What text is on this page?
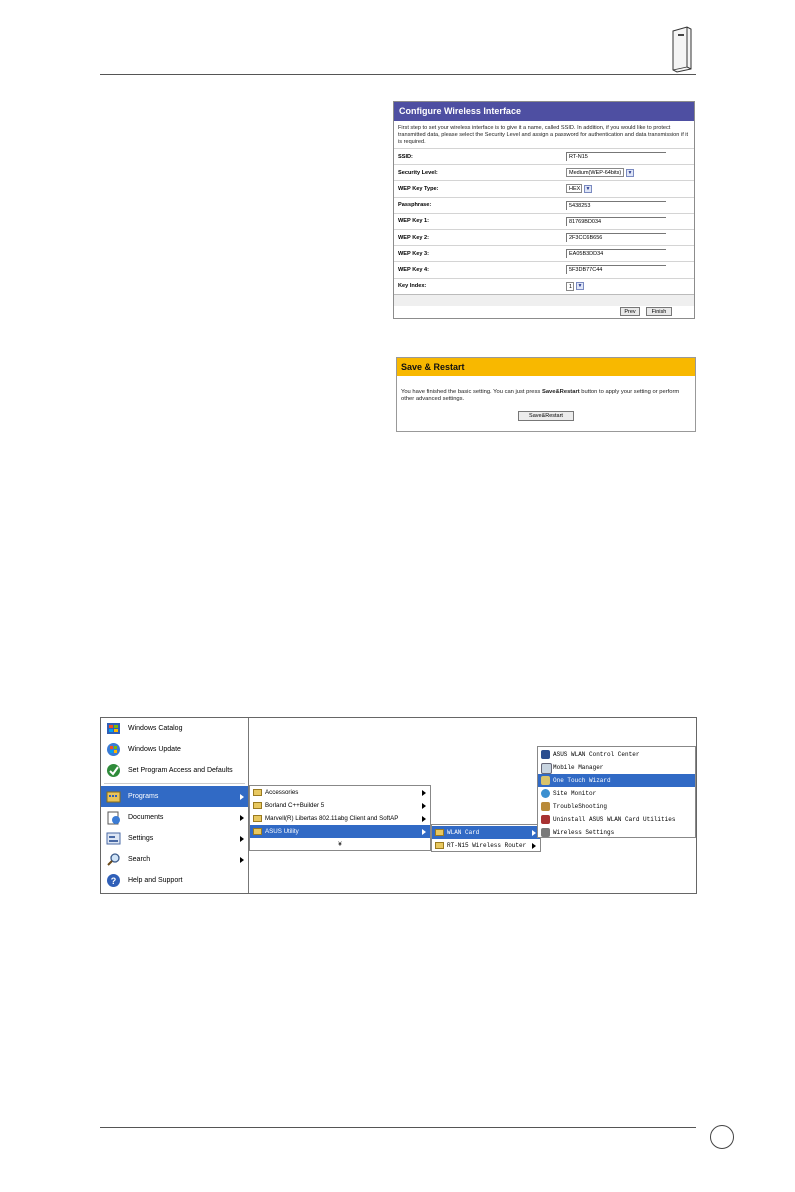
Configure Wireless Interface
First step to set your wireless interface is to give it a name, called SSID. In addition, if you would like to protect transmitted data, please select the Security Level and assign a password for authentication and data transmission if it is required.
SSID:	RT-N15
Security Level:	Medium(WEP-64bits) ▼
WEP Key Type:	HEX ▼
Passphrase:	5438253
WEP Key 1:	81769BD034
WEP Key 2:	2F3CC6B656
WEP Key 3:	EA05B3DD34
WEP Key 4:	5F3DB77C44
Key Index:	1 ▼
Prev	Finish
Save & Restart
You have finished the basic setting. You can just press Save&Restart button to apply your setting or perform other advanced settings.
Save&Restart
Windows Catalog
Windows Update
Set Program Access and Defaults
Programs
Documents
Settings
Search
? Help and Support
Accessories
Borland C++Builder 5
Marvell(R) Libertas 802.11abg Client and SoftAP
ASUS Utility
¥
WLAN Card
RT-N15 Wireless Router
ASUS WLAN Control Center
Mobile Manager
One Touch Wizard
Site Monitor
TroubleShooting
Uninstall ASUS WLAN Card Utilities
Wireless Settings
